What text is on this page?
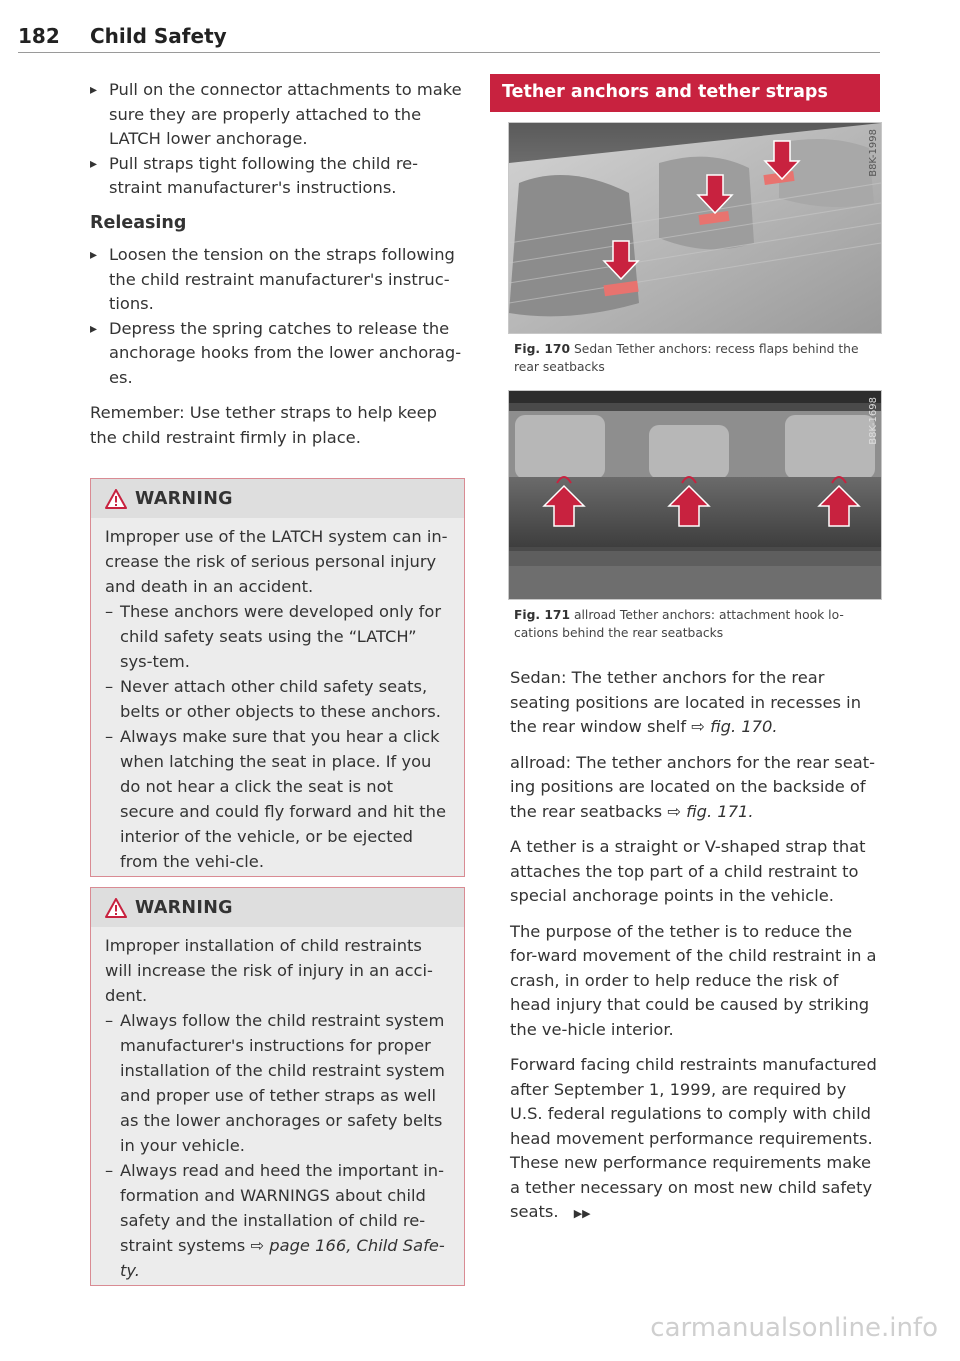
182 Child Safety
▸ Pull on the connector attachments to make sure they are properly attached to the LATCH lower anchorage.
▸ Pull straps tight following the child re-straint manufacturer's instructions.
Releasing
▸ Loosen the tension on the straps following the child restraint manufacturer's instruc-tions.
▸ Depress the spring catches to release the anchorage hooks from the lower anchorag-es.

Remember: Use tether straps to help keep the child restraint firmly in place.

WARNING
Improper use of the LATCH system can in-crease the risk of serious personal injury and death in an accident.
– These anchors were developed only for child safety seats using the “LATCH” sys-tem.
– Never attach other child safety seats, belts or other objects to these anchors.
– Always make sure that you hear a click when latching the seat in place. If you do not hear a click the seat is not secure and could fly forward and hit the interior of the vehicle, or be ejected from the vehi-cle.
WARNING
Improper installation of child restraints will increase the risk of injury in an acci-dent.
– Always follow the child restraint system manufacturer's instructions for proper installation of the child restraint system and proper use of tether straps as well as the lower anchorages or safety belts in your vehicle.
– Always read and heed the important in-formation and WARNINGS about child safety and the installation of child re-straint systems ⇨ page 166, Child Safe-ty.
Tether anchors and tether straps
B8K-1998
Fig. 170 Sedan Tether anchors: recess flaps behind the rear seatbacks
B8K-1698
Fig. 171 allroad Tether anchors: attachment hook lo-cations behind the rear seatbacks

Sedan: The tether anchors for the rear seating positions are located in recesses in the rear window shelf ⇨ fig. 170.

allroad: The tether anchors for the rear seat-ing positions are located on the backside of the rear seatbacks ⇨ fig. 171.

A tether is a straight or V-shaped strap that attaches the top part of a child restraint to special anchorage points in the vehicle.

The purpose of the tether is to reduce the for-ward movement of the child restraint in a crash, in order to help reduce the risk of head injury that could be caused by striking the ve-hicle interior.

Forward facing child restraints manufactured after September 1, 1999, are required by U.S. federal regulations to comply with child head movement performance requirements. These new performance requirements make a tether necessary on most new child safety seats. ▶▶

carmanualsonline.info
